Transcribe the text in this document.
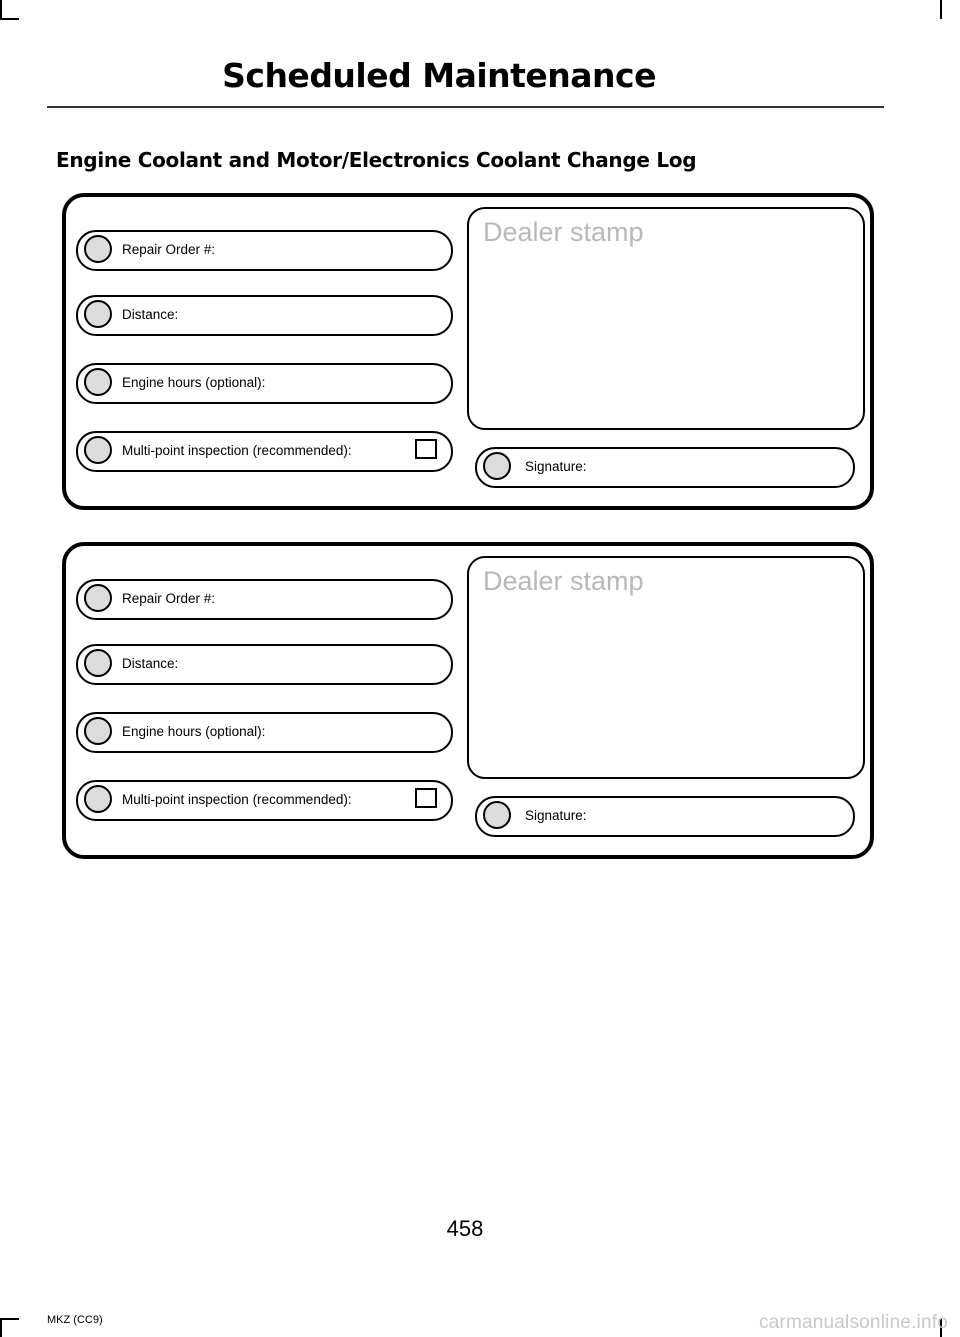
Scheduled Maintenance
Engine Coolant and Motor/Electronics Coolant Change Log
Repair Order #:
Distance:
Engine hours (optional):
Multi-point inspection (recommended):
Dealer stamp
Signature:
Repair Order #:
Distance:
Engine hours (optional):
Multi-point inspection (recommended):
Dealer stamp
Signature:
458
MKZ (CC9)	carmanualsonline.info
